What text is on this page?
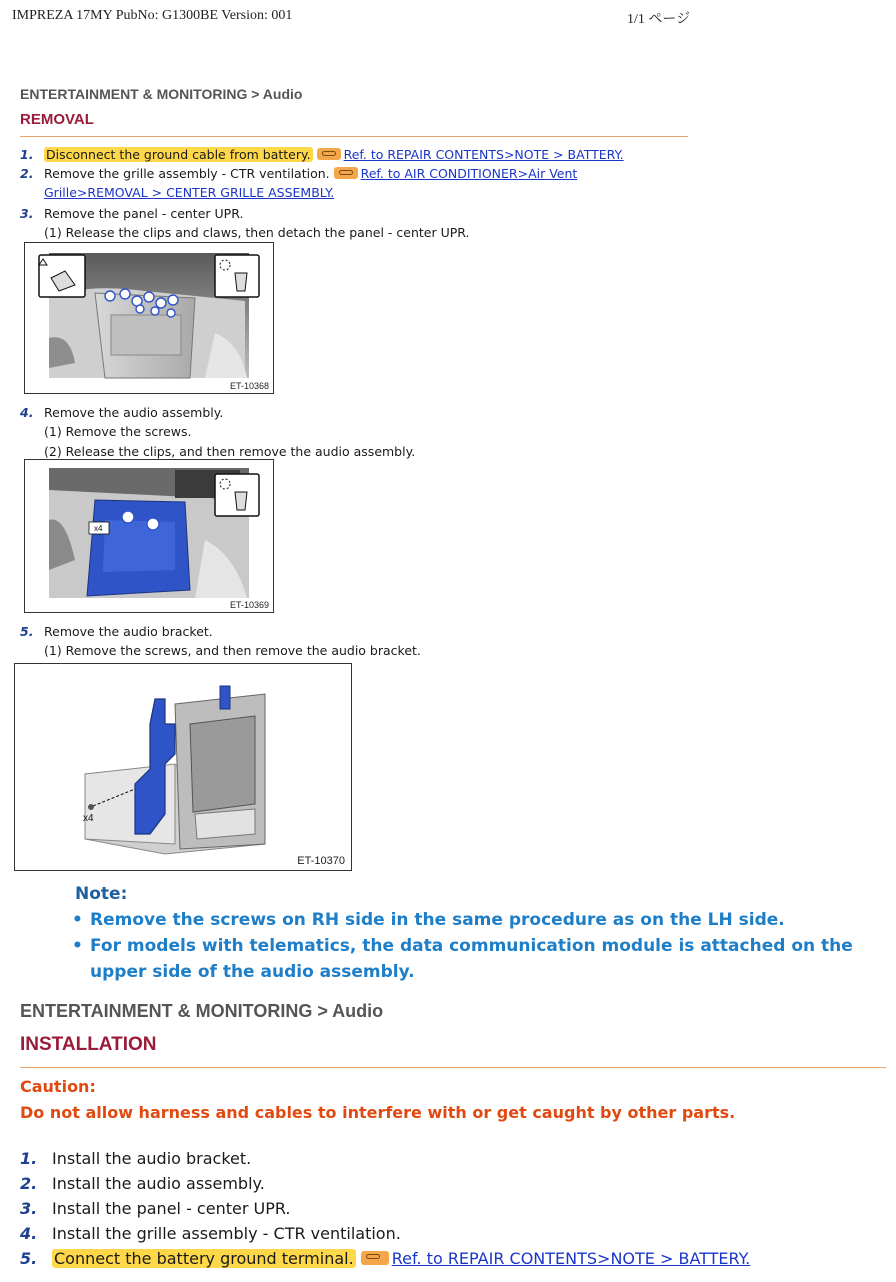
IMPREZA 17MY PubNo: G1300BE Version: 001	1/1 ページ
ENTERTAINMENT & MONITORING > Audio
REMOVAL
1. Disconnect the ground cable from battery.	Ref. to REPAIR CONTENTS>NOTE > BATTERY.
2. Remove the grille assembly - CTR ventilation. Ref. to AIR CONDITIONER>Air Vent
Grille>REMOVAL > CENTER GRILLE ASSEMBLY.
3. Remove the panel - center UPR.
(1) Release the clips and claws, then detach the panel - center UPR.
ET-10368
4. Remove the audio assembly.
(1) Remove the screws.
(2) Release the clips, and then remove the audio assembly.
x4
ET-10369
5. Remove the audio bracket.
(1) Remove the screws, and then remove the audio bracket.
x4
ET-10370
Note:
• Remove the screws on RH side in the same procedure as on the LH side.
• For models with telematics, the data communication module is attached on the
upper side of the audio assembly.
ENTERTAINMENT & MONITORING > Audio
INSTALLATION
Caution:
Do not allow harness and cables to interfere with or get caught by other parts.
1. Install the audio bracket.
2. Install the audio assembly.
3. Install the panel - center UPR.
4. Install the grille assembly - CTR ventilation.
5. Connect the battery ground terminal. Ref. to REPAIR CONTENTS>NOTE > BATTERY.
